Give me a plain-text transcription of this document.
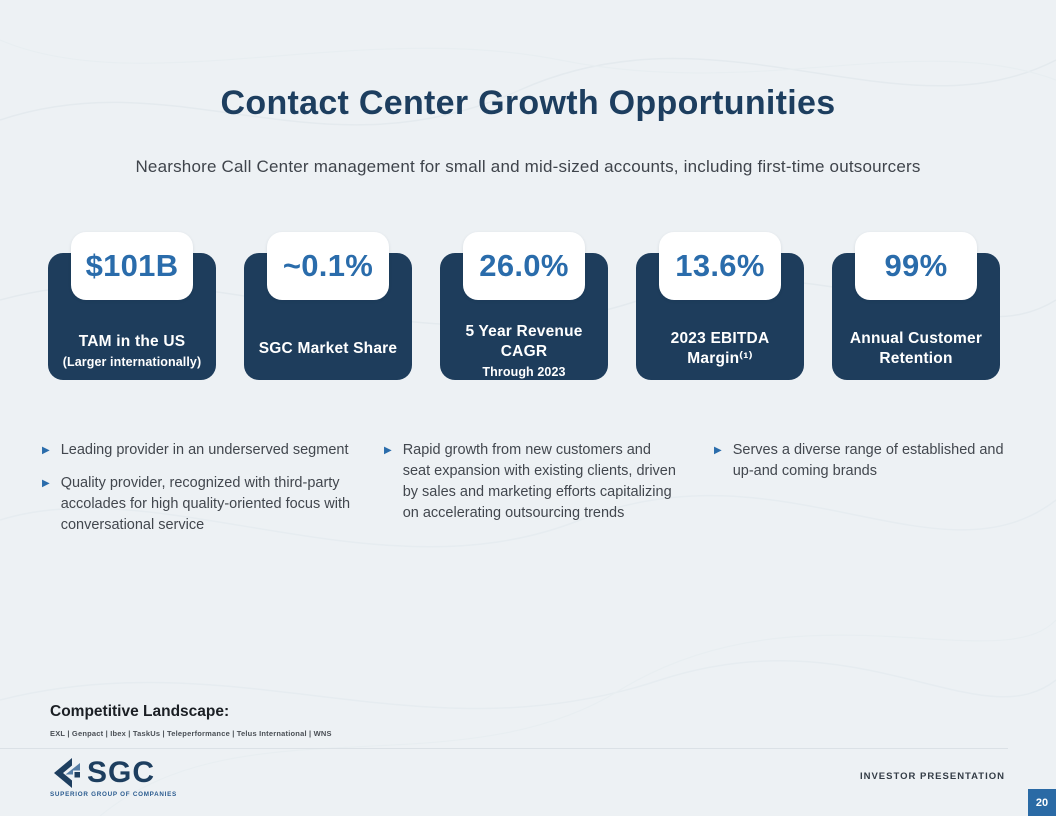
Contact Center Growth Opportunities
Nearshore Call Center management for small and mid-sized accounts, including first-time outsourcers
TAM in the US
(Larger internationally)
$101B
SGC Market Share
~0.1%
5 Year Revenue CAGR
Through 2023
26.0%
2023 EBITDA Margin⁽¹⁾
13.6%
Annual Customer Retention
99%
▶ Leading provider in an underserved segment
▶ Quality provider, recognized with third-party accolades for high quality-oriented focus with conversational service
▶ Rapid growth from new customers and seat expansion with existing clients, driven by sales and marketing efforts capitalizing on accelerating outsourcing trends
▶ Serves a diverse range of established and up-and coming brands
Competitive Landscape:
EXL | Genpact | Ibex | TaskUs | Teleperformance | Telus International | WNS
SGC
SUPERIOR GROUP OF COMPANIES
INVESTOR PRESENTATION
20
